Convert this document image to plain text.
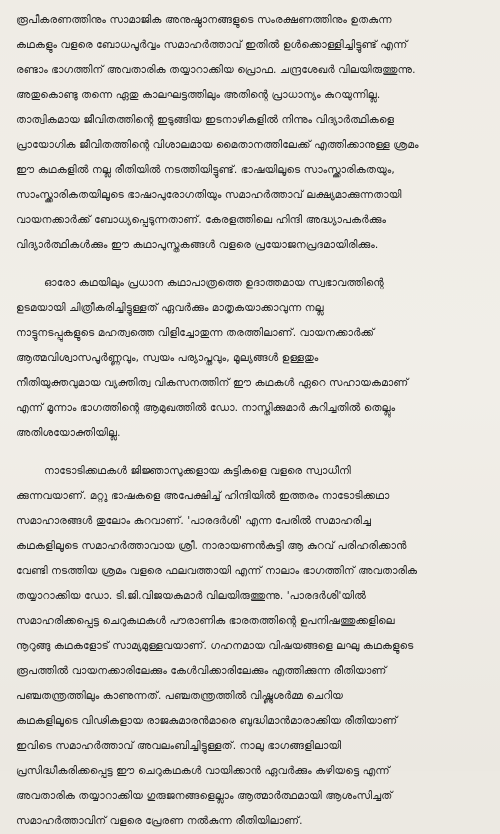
രൂപീകരണത്തിനും സാമാജിക അനുഷ്ഠാനങ്ങളുടെ സംരക്ഷണത്തിനും ഉതകുന്ന
കഥകളും വളരെ ബോധപൂർവ്വം സമാഹർത്താവ് ഇതിൽ ഉൾക്കൊള്ളിച്ചിട്ടുണ്ട് എന്ന്
രണ്ടാം ഭാഗത്തിന് അവതാരിക തയ്യാറാക്കിയ പ്രൊഫ. ചന്ദ്രശേഖർ വിലയിരുത്തുന്നു.
അതുകൊണ്ടു തന്നെ ഏതു കാലഘട്ടത്തിലും അതിന്റെ പ്രാധാന്യം കുറയുന്നില്ല.
താത്വികമായ ജീവിതത്തിന്റെ ഇടുങ്ങിയ ഇടനാഴികളിൽ നിന്നും വിദ്യാർത്ഥികളെ
പ്രായോഗിക ജീവിതത്തിന്റെ വിശാലമായ മൈതാനത്തിലേക്ക് എത്തിക്കാനുള്ള ശ്രമം
ഈ കഥകളിൽ നല്ല രീതിയിൽ നടത്തിയിട്ടുണ്ട്. ഭാഷയിലൂടെ സാംസ്ക്കാരികതയും,
സാംസ്ക്കാരികതയിലൂടെ ഭാഷാപുരോഗതിയും സമാഹർത്താവ് ലക്ഷ്യമാക്കുന്നതായി
വായനക്കാർക്ക് ബോധ്യപ്പെടുന്നതാണ്. കേരളത്തിലെ ഹിന്ദി അദ്ധ്യാപകർക്കും
വിദ്യാർത്ഥികൾക്കും ഈ കഥാപുസ്തകങ്ങൾ വളരെ പ്രയോജനപ്രദമായിരിക്കും.
ഓരോ കഥയിലും പ്രധാന കഥാപാത്രത്തെ ഉദാത്തമായ സ്വഭാവത്തിന്റെ
ഉടമയായി ചിത്രീകരിച്ചിട്ടുള്ളത് ഏവർക്കും മാതൃകയാക്കാവുന്ന നല്ല
നാട്ടുനടപ്പുകളുടെ മഹത്വത്തെ വിളിച്ചോതുന്ന തരത്തിലാണ്. വായനക്കാർക്ക്
ആത്മവിശ്വാസപൂർണ്ണവും, സ്വയം പര്യാപ്തവും, മൂല്യങ്ങൾ ഉള്ളതും
നീതിയുക്തവുമായ വ്യക്തിത്വ വികസനത്തിന് ഈ കഥകൾ ഏറെ സഹായകമാണ്
എന്ന് മൂന്നാം ഭാഗത്തിന്റെ ആമുഖത്തിൽ ഡോ. നാസ്തിക്കുമാർ കുറിച്ചതിൽ തെല്ലും
അതിശയോക്തിയില്ല.
നാടോടിക്കഥകൾ ജിജ്ഞാസുക്കളായ കുട്ടികളെ വളരെ സ്വാധീനി
ക്കുന്നവയാണ്. മറ്റു ഭാഷകളെ അപേക്ഷിച്ച് ഹിന്ദിയിൽ ഇത്തരം നാടോടിക്കഥാ
സമാഹാരങ്ങൾ തുലോം കുറവാണ്. 'പാരദർശി' എന്ന പേരിൽ സമാഹരിച്ച
കഥകളിലൂടെ സമാഹർത്താവായ ശ്രീ. നാരായണൻകുട്ടി ആ കുറവ് പരിഹരിക്കാൻ
വേണ്ടി നടത്തിയ ശ്രമം വളരെ ഫലവത്തായി എന്ന് നാലാം ഭാഗത്തിന് അവതാരിക
തയ്യാറാക്കിയ ഡോ. ടി.ജി.വിജയകുമാർ വിലയിരുത്തുന്നു. 'പാരദർശി'യിൽ
സമാഹരിക്കപ്പെട്ട ചെറുകഥകൾ പൗരാണിക ഭാരതത്തിന്റെ ഉപനിഷത്തുക്കളിലെ
നൂറുങ്ങു കഥകളോട് സാമ്യമുള്ളവയാണ്. ഗഹനമായ വിഷയങ്ങളെ ലഘു കഥകളുടെ
രൂപത്തിൽ വായനക്കാരിലേക്കും കേൾവിക്കാരിലേക്കും എത്തിക്കുന്ന രീതിയാണ്
പഞ്ചതന്ത്രത്തിലും കാണുന്നത്. പഞ്ചതന്ത്രത്തിൽ വിഷ്ണുശർമ്മ ചെറിയ
കഥകളിലൂടെ വിഢികളായ രാജകുമാരൻമാരെ ബുദ്ധിമാൻമാരാക്കിയ രീതിയാണ്
ഇവിടെ സമാഹർത്താവ് അവലംബിച്ചിട്ടുള്ളത്. നാലു ഭാഗങ്ങളിലായി
പ്രസിദ്ധീകരിക്കപ്പെട്ട ഈ ചെറുകഥകൾ വായിക്കാൻ ഏവർക്കും കഴിയട്ടെ എന്ന്
അവതാരിക തയ്യാറാക്കിയ ഗുരുജനങ്ങളെല്ലാം ആത്മാർത്ഥമായി ആശംസിച്ചത്
സമാഹർത്താവിന് വളരെ പ്രേരണ നൽകുന്ന രീതിയിലാണ്.
